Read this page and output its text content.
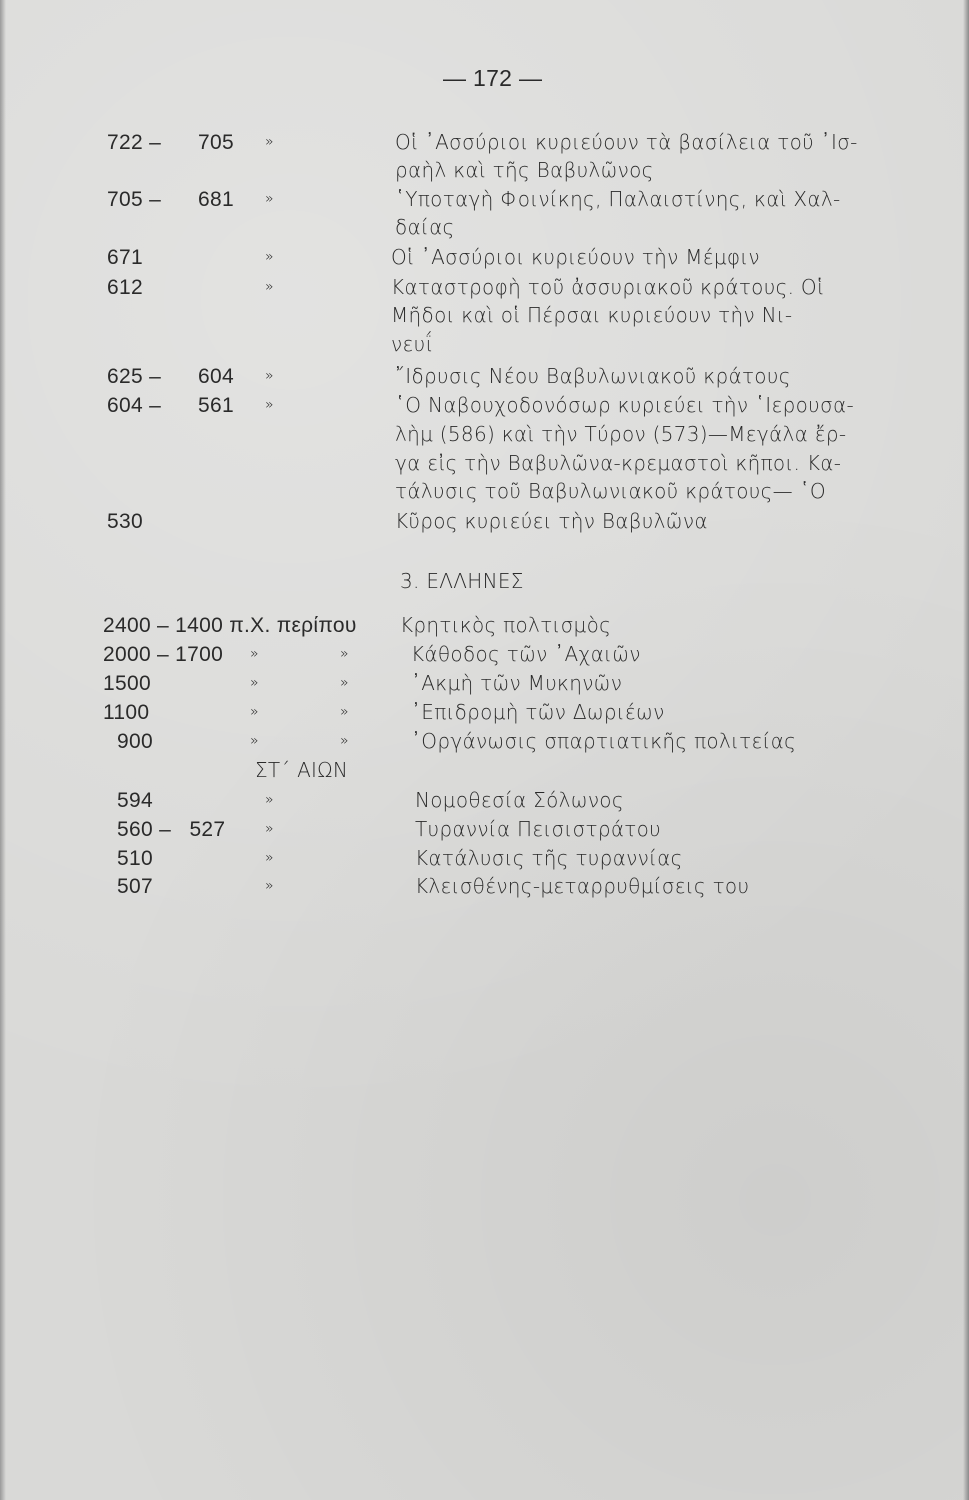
— 172 —
722 – 705 »	Οἱ ᾿Ασσύριοι κυριεύουν τὰ βασίλεια τοῦ ᾿Ισ-
ραὴλ καὶ τῆς Βαβυλῶνος
705 – 681 »	῾Υποταγὴ Φοινίκης, Παλαιστίνης, καὶ Χαλ-
δαίας
671	»	Οἱ ᾿Ασσύριοι κυριεύουν τὴν Μέμφιν
612	»	Καταστροφὴ τοῦ ἀσσυριακοῦ κράτους. Οἱ
Μῆδοι καὶ οἱ Πέρσαι κυριεύουν τὴν Νι-
νευΐ
625 – 604 »	῎Ιδρυσις Νέου Βαβυλωνιακοῦ κράτους
604 – 561 »	῾Ο Ναβουχοδονόσωρ κυριεύει τὴν ῾Ιερουσα-
λὴμ (586) καὶ τὴν Τύρον (573)—Μεγάλα ἔρ-
γα εἰς τὴν Βαβυλῶνα-κρεμαστοὶ κῆποι. Κα-
τάλυσις τοῦ Βαβυλωνιακοῦ κράτους— ῾Ο
530	Κῦρος κυριεύει τὴν Βαβυλῶνα
3. ΕΛΛΗΝΕΣ
2400 – 1400 π.Χ. περίπου Κρητικὸς πολτισμὸς
2000 – 1700 »	»	Κάθοδος τῶν ᾿Αχαιῶν
1500	»	»	᾿Ακμὴ τῶν Μυκηνῶν
1100	»	»	᾿Επιδρομὴ τῶν Δωριέων
900	»	»	᾿Οργάνωσις σπαρτιατικῆς πολιτείας
ΣΤ΄ ΑΙΩΝ
594	»	Νομοθεσία Σόλωνος
560 –   527	»	Τυραννία Πεισιστράτου
510	»	Κατάλυσις τῆς τυραννίας
507	»	Κλεισθένης-μεταρρυθμίσεις του
